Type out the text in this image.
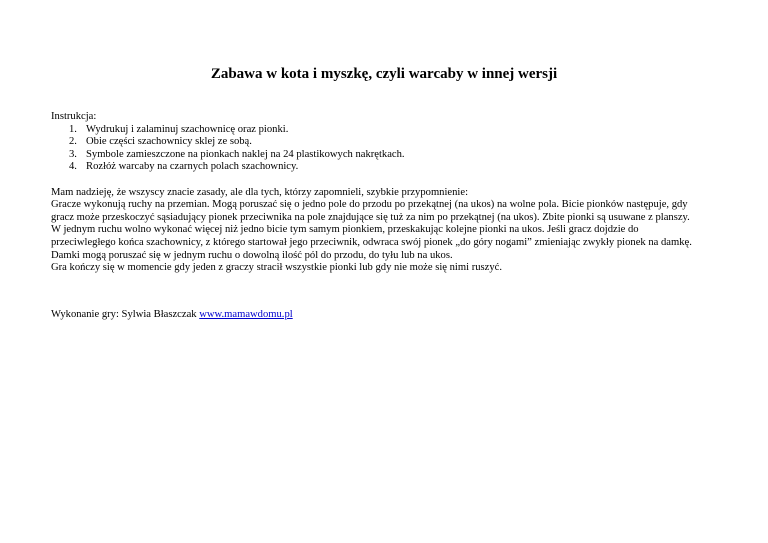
Zabawa w kota i myszkę, czyli warcaby w innej wersji

Instrukcja:

1. Wydrukuj i zalaminuj szachownicę oraz pionki.
2. Obie części szachownicy sklej ze sobą.
3. Symbole zamieszczone na pionkach naklej na 24 plastikowych nakrętkach.
4. Rozłóż warcaby na czarnych polach szachownicy.

Mam nadzieję, że wszyscy znacie zasady, ale dla tych, którzy zapomnieli, szybkie przypomnienie:

Gracze wykonują ruchy na przemian. Mogą poruszać się o jedno pole do przodu po przekątnej (na ukos) na wolne pola. Bicie pionków następuje, gdy

gracz może przeskoczyć sąsiadujący pionek przeciwnika na pole znajdujące się tuż za nim po przekątnej (na ukos). Zbite pionki są usuwane z planszy.

W jednym ruchu wolno wykonać więcej niż jedno bicie tym samym pionkiem, przeskakując kolejne pionki na ukos. Jeśli gracz dojdzie do

przeciwległego końca szachownicy, z którego startował jego przeciwnik, odwraca swój pionek „do góry nogami” zmieniając zwykły pionek na damkę.

Damki mogą poruszać się w jednym ruchu o dowolną ilość pól do przodu, do tyłu lub na ukos.

Gra kończy się w momencie gdy jeden z graczy stracił wszystkie pionki lub gdy nie może się nimi ruszyć.

Wykonanie gry: Sylwia Błaszczak www.mamawdomu.pl
